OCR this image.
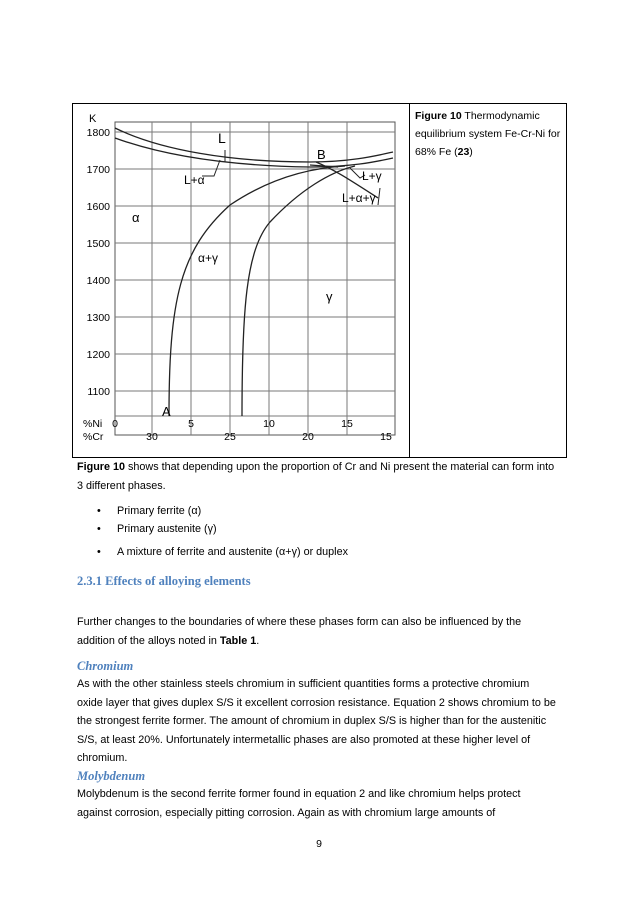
1800
1700
1600
1500
1400
1300
1200
1100
K
%Ni
%Cr
0	5	10	15
30	25	20	15
L
L+α
B
L+γ
L+α+γ
α
α+γ
γ
A
Figure 10 Thermodynamic equilibrium system Fe-Cr-Ni for 68% Fe (23)
Figure 10 shows that depending upon the proportion of Cr and Ni present the material can form into
3 different phases.
• Primary ferrite (α)
• Primary austenite (γ)
• A mixture of ferrite and austenite (α+γ) or duplex
2.3.1 Effects of alloying elements
Further changes to the boundaries of where these phases form can also be influenced by the
addition of the alloys noted in Table 1.
Chromium
As with the other stainless steels chromium in sufficient quantities forms a protective chromium
oxide layer that gives duplex S/S it excellent corrosion resistance. Equation 2 shows chromium to be
the strongest ferrite former. The amount of chromium in duplex S/S is higher than for the austenitic
S/S, at least 20%. Unfortunately intermetallic phases are also promoted at these higher level of
chromium.
Molybdenum
Molybdenum is the second ferrite former found in equation 2 and like chromium helps protect
against corrosion, especially pitting corrosion. Again as with chromium large amounts of
9
